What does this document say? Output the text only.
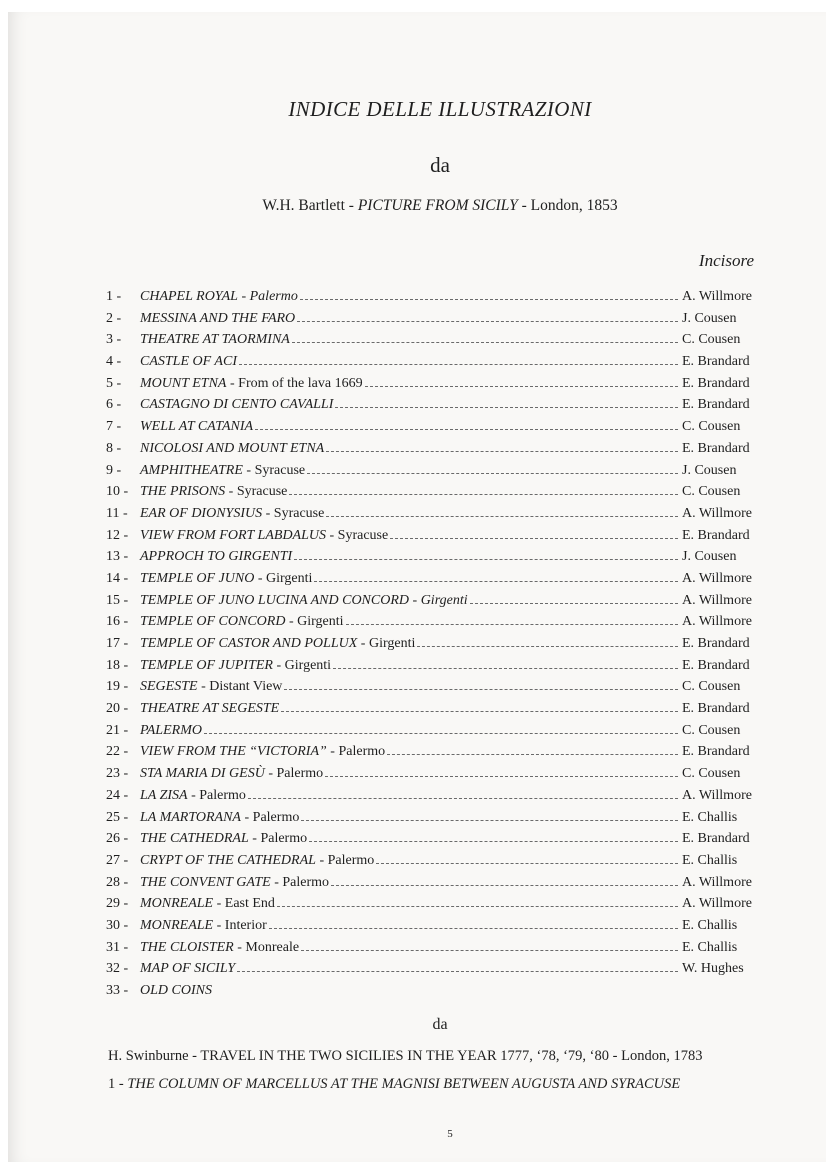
INDICE DELLE ILLUSTRAZIONI
da
W.H. Bartlett - PICTURE FROM SICILY - London, 1853
Incisore
1 -	CHAPEL ROYAL - Palermo	A. Willmore
2 -	MESSINA AND THE FARO	J. Cousen
3 -	THEATRE AT TAORMINA	C. Cousen
4 -	CASTLE OF ACI	E. Brandard
5 -	MOUNT ETNA - From of the lava 1669	E. Brandard
6 -	CASTAGNO DI CENTO CAVALLI	E. Brandard
7 -	WELL AT CATANIA	C. Cousen
8 -	NICOLOSI AND MOUNT ETNA	E. Brandard
9 -	AMPHITHEATRE - Syracuse	J. Cousen
10 - THE PRISONS - Syracuse	C. Cousen
11 - EAR OF DIONYSIUS - Syracuse	A. Willmore
12 - VIEW FROM FORT LABDALUS - Syracuse	E. Brandard
13 - APPROCH TO GIRGENTI	J. Cousen
14 - TEMPLE OF JUNO - Girgenti	A. Willmore
15 - TEMPLE OF JUNO LUCINA AND CONCORD - Girgenti	A. Willmore
16 - TEMPLE OF CONCORD - Girgenti	A. Willmore
17 - TEMPLE OF CASTOR AND POLLUX - Girgenti	E. Brandard
18 - TEMPLE OF JUPITER - Girgenti	E. Brandard
19 - SEGESTE - Distant View	C. Cousen
20 - THEATRE AT SEGESTE	E. Brandard
21 - PALERMO	C. Cousen
22 - VIEW FROM THE “VICTORIA” - Palermo	E. Brandard
23 - STA MARIA DI GESÙ - Palermo	C. Cousen
24 - LA ZISA - Palermo	A. Willmore
25 - LA MARTORANA - Palermo	E. Challis
26 - THE CATHEDRAL - Palermo	E. Brandard
27 - CRYPT OF THE CATHEDRAL - Palermo	E. Challis
28 - THE CONVENT GATE - Palermo	A. Willmore
29 - MONREALE - East End	A. Willmore
30 - MONREALE - Interior	E. Challis
31 - THE CLOISTER - Monreale	E. Challis
32 - MAP OF SICILY	W. Hughes
33 - OLD COINS
da
H. Swinburne - TRAVEL IN THE TWO SICILIES IN THE YEAR 1777, ‘78, ‘79, ‘80 - London, 1783
1 - THE COLUMN OF MARCELLUS AT THE MAGNISI BETWEEN AUGUSTA AND SYRACUSE
5
